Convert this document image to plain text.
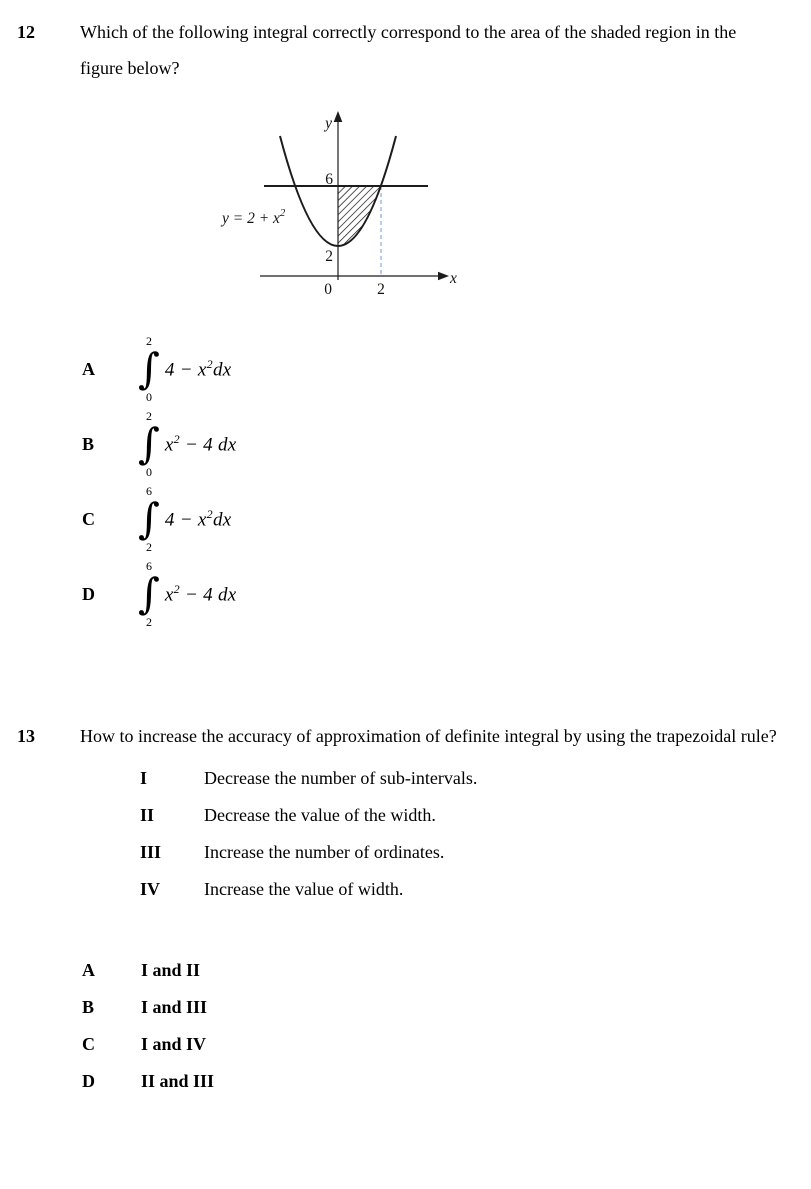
12	Which of the following integral correctly correspond to the area of the shaded region in the figure below?

y
x
6
2
0	2
$y = 2 + x^2$
A
2
∫
0
$4 - x^2dx$
B
2
∫
0
$x^2 - 4$ dx
C
6
∫
2
$4 - x^2dx$
D
6
∫
2
$x^2 - 4$ dx
13	How to increase the accuracy of approximation of definite integral by using the trapezoidal rule?

I	Decrease the number of sub-intervals.
II	Decrease the value of the width.
III	Increase the number of ordinates.
IV	Increase the value of width.
A	I and II
B	I and III
C	I and IV
D	II and III
